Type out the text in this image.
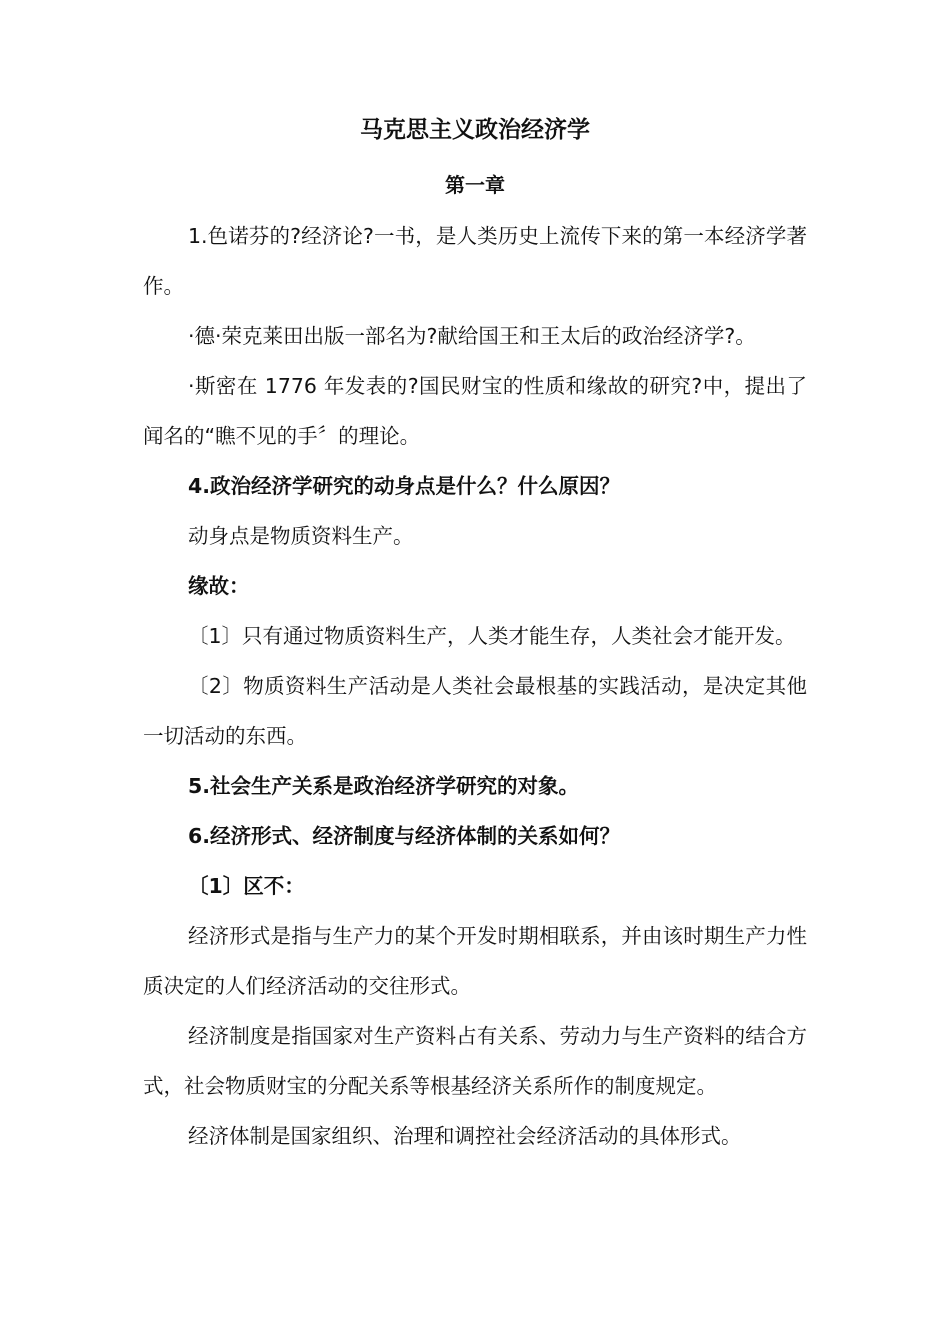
马克思主义政治经济学
第一章

1.色诺芬的?经济论?一书，是人类历史上流传下来的第一本经济学著作。

·德·荣克莱田出版一部名为?献给国王和王太后的政治经济学?。

·斯密在 1776 年发表的?国民财宝的性质和缘故的研究?中，提出了闻名的“瞧不见的手〞的理论。

4.政治经济学研究的动身点是什么？什么原因？

动身点是物质资料生产。

缘故：

〔1〕只有通过物质资料生产，人类才能生存，人类社会才能开发。

〔2〕物质资料生产活动是人类社会最根基的实践活动，是决定其他一切活动的东西。

5.社会生产关系是政治经济学研究的对象。

6.经济形式、经济制度与经济体制的关系如何？

〔1〕区不：

经济形式是指与生产力的某个开发时期相联系，并由该时期生产力性质决定的人们经济活动的交往形式。

经济制度是指国家对生产资料占有关系、劳动力与生产资料的结合方式，社会物质财宝的分配关系等根基经济关系所作的制度规定。

经济体制是国家组织、治理和调控社会经济活动的具体形式。
